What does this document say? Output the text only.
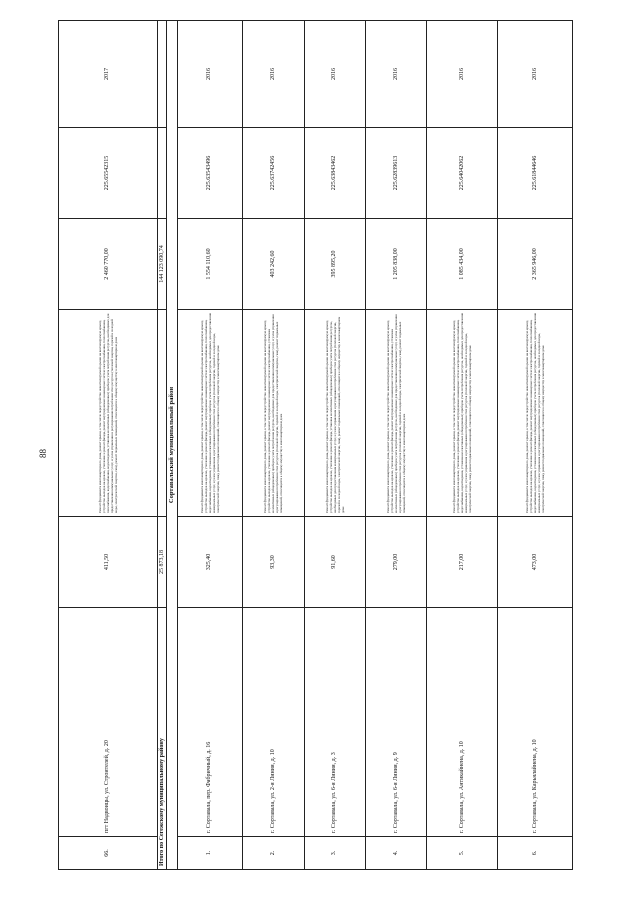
88
66.	пгт Надвоицы, ул. Строителей, д. 20	411,50	Ремонт фундамента многоквартирного дома, ремонт крыши, в том числе переустройство невентилируемой крыши на вентилируемую крышу, устройство выходов на кровлю, утепление и ремонт фасада, ремонт внутридомовых инженерных систем электроснабжения, теплоснабжения, газоснабжения, водоснабжения, водоотведения, установка коллективных (общедомовых) приборов учета потребления ресурсов, необходимых для предоставления коммунальных услуг, и узлов управления и регулирования потребления этих ресурсов (тепловой энергии, горячей и холодной воды, электрической энергии, газа), ремонт подвальных помещений, относящихся к общему имуществу в многоквартирном доме	2 460 770,00	225.65542315	2017
Итого по Сегежскому муниципальному району		25 873,18		144 123 090,74		
Сортавальский муниципальный район						
1.	г. Сортавала, пер. Фабричный, д. 16	325,40	Ремонт фундамента многоквартирного дома, ремонт крыши, в том числе переустройство невентилируемой крыши на вентилируемую крышу, устройство выходов на кровлю, утепление и ремонт фасада, ремонт внутридомовых инженерных систем электроснабжения, теплоснабжения, водоснабжения, водоотведения, установка коллективных (общедомовых) приборов учета потребления ресурсов, необходимых для предоставления коммунальных услуг, и узлов управления и регулирования потребления этих ресурсов (тепловой энергии, горячей и холодной воды, электрической энергии, газа), ремонт подвальных помещений, относящихся к общему имуществу в многоквартирном доме	1 554 110,60	225.63543496	2016
2.	г. Сортавала, ул. 2-я Линия, д. 10	93,30	Ремонт фундамента многоквартирного дома, ремонт крыши, в том числе переустройство невентилируемой крыши на вентилируемую крышу, устройство выходов на кровлю, утепление и ремонт фасада, ремонт внутридомовых инженерных систем электроснабжения, установка коллективных (общедомовых) приборов учета потребления ресурсов, необходимых для предоставления коммунальных услуг, и узлов управления и регулирования потребления этих ресурсов (тепловой энергии, горячей и холодной воды, электрической энергии, газа), ремонт подвальных помещений, относящихся к общему имуществу в многоквартирном доме	403 242,60	225.63742456	2016
3.	г. Сортавала, ул. 6-я Линия, д. 3	91,60	Ремонт фундамента многоквартирного дома, ремонт крыши, в том числе переустройство невентилируемой крыши на вентилируемую крышу, устройство выходов на кровлю, утепление и ремонт фасада, установка коллективных (общедомовых) приборов учета потребления ресурсов, необходимых для предоставления коммунальных услуг, и узлов управления и регулирования потребления этих ресурсов (тепловой энергии, горячей и холодной воды, электрической энергии, газа), ремонт подвальных помещений, относящихся к общему имуществу в многоквартирном доме	395 895,20	225.63843462	2016
4.	г. Сортавала, ул. 6-я Линия, д. 9	279,00	Ремонт фундамента многоквартирного дома, ремонт крыши, в том числе переустройство невентилируемой крыши на вентилируемую крышу, устройство выходов на кровлю, утепление и ремонт фасада, ремонт внутридомовых инженерных систем электроснабжения, установка коллективных (общедомовых) приборов учета потребления ресурсов, необходимых для предоставления коммунальных услуг, и узлов управления и регулирования потребления этих ресурсов (тепловой энергии, горячей и холодной воды, электрической энергии, газа), ремонт подвальных помещений, относящихся к общему имуществу в многоквартирном доме	1 205 838,00	225.62839613	2016
5.	г. Сортавала, ул. Антикайнена, д. 10	217,00	Ремонт фундамента многоквартирного дома, ремонт крыши, в том числе переустройство невентилируемой крыши на вентилируемую крышу, устройство выходов на кровлю, утепление и ремонт фасада, ремонт внутридомовых инженерных систем электроснабжения, теплоснабжения, водоснабжения, водоотведения, установка коллективных (общедомовых) приборов учета потребления ресурсов, необходимых для предоставления коммунальных услуг, и узлов управления и регулирования потребления этих ресурсов (тепловой энергии, горячей и холодной воды, электрической энергии, газа), ремонт подвальных помещений, относящихся к общему имуществу в многоквартирном доме	1 085 434,00	225.64042062	2016
6.	г. Сортавала, ул. Карьялайнена, д. 10	473,00	Ремонт фундамента многоквартирного дома, ремонт крыши, в том числе переустройство невентилируемой крыши на вентилируемую крышу, устройство выходов на кровлю, утепление и ремонт фасада, ремонт внутридомовых инженерных систем электроснабжения, теплоснабжения, водоснабжения, водоотведения, установка коллективных (общедомовых) приборов учета потребления ресурсов, необходимых для предоставления коммунальных услуг, и узлов управления и регулирования потребления этих ресурсов (тепловой энергии, горячей и холодной воды, электрической энергии, газа), ремонт подвальных помещений, относящихся к общему имуществу в многоквартирном доме	2 365 946,00	225.61844646	2016
